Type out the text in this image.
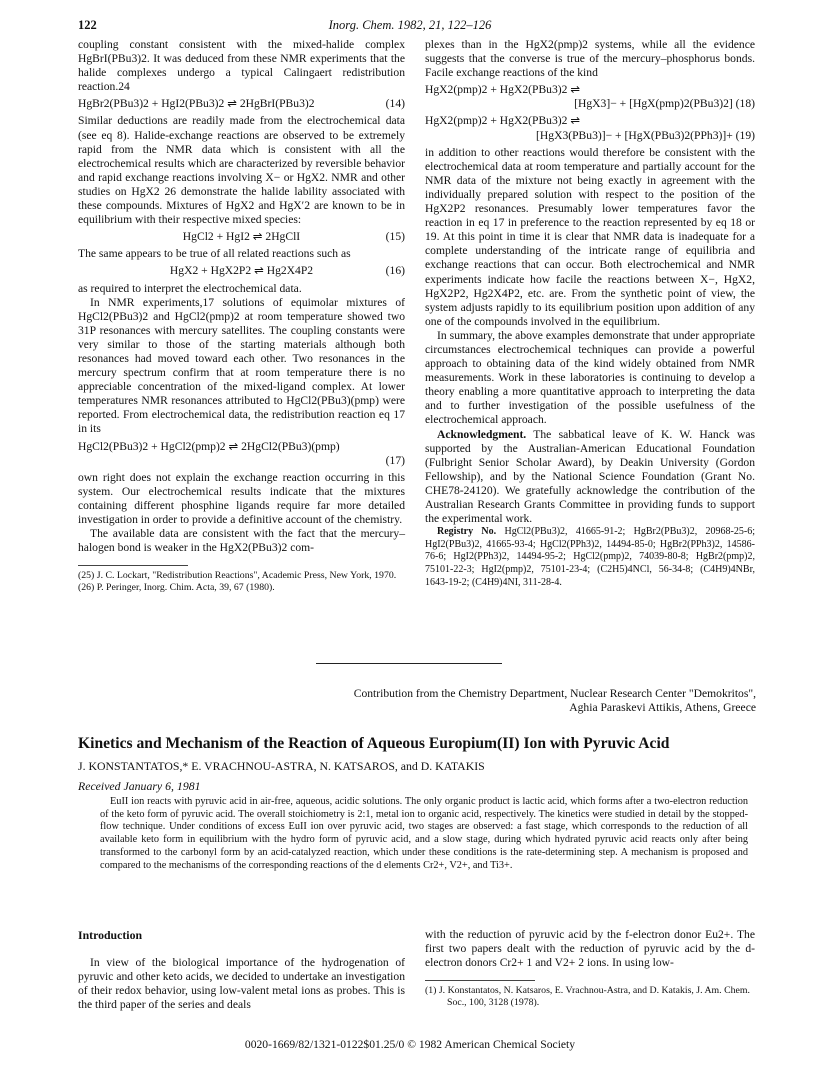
122	Inorg. Chem. 1982, 21, 122–126

coupling constant consistent with the mixed-halide complex HgBrI(PBu3)2. It was deduced from these NMR experiments that the halide complexes undergo a typical Calingaert redistribution reaction.24

HgBr2(PBu3)2 + HgI2(PBu3)2 ⇌ 2HgBrI(PBu3)2	(14)

Similar deductions are readily made from the electrochemical data (see eq 8). Halide-exchange reactions are observed to be extremely rapid from the NMR data which is consistent with all the electrochemical results which are characterized by reversible behavior and rapid exchange reactions involving X− or HgX2. NMR and other studies on HgX2 26 demonstrate the halide lability associated with these compounds. Mixtures of HgX2 and HgX′2 are known to be in equilibrium with their respective mixed species:

HgCl2 + HgI2 ⇌ 2HgClI	(15)

The same appears to be true of all related reactions such as

HgX2 + HgX2P2 ⇌ Hg2X4P2	(16)

as required to interpret the electrochemical data.

In NMR experiments,17 solutions of equimolar mixtures of HgCl2(PBu3)2 and HgCl2(pmp)2 at room temperature showed two 31P resonances with mercury satellites. The coupling constants were very similar to those of the starting materials although both resonances had moved toward each other. Two resonances in the mercury spectrum confirm that at room temperature there is no appreciable concentration of the mixed-ligand complex. At lower temperatures NMR resonances attributed to HgCl2(PBu3)(pmp) were reported. From electrochemical data, the redistribution reaction eq 17 in its

HgCl2(PBu3)2 + HgCl2(pmp)2 ⇌ 2HgCl2(PBu3)(pmp)
(17)

own right does not explain the exchange reaction occurring in this system. Our electrochemical results indicate that the mixtures containing different phosphine ligands require far more detailed investigation in order to provide a definitive account of the chemistry.

The available data are consistent with the fact that the mercury–halogen bond is weaker in the HgX2(PBu3)2 com-

(25) J. C. Lockart, "Redistribution Reactions", Academic Press, New York, 1970.

(26) P. Peringer, Inorg. Chim. Acta, 39, 67 (1980).

plexes than in the HgX2(pmp)2 systems, while all the evidence suggests that the converse is true of the mercury–phosphorus bonds. Facile exchange reactions of the kind

HgX2(pmp)2 + HgX2(PBu3)2 ⇌
[HgX3]− + [HgX(pmp)2(PBu3)2] (18)
HgX2(pmp)2 + HgX2(PBu3)2 ⇌
[HgX3(PBu3)]− + [HgX(PBu3)2(PPh3)]+ (19)

in addition to other reactions would therefore be consistent with the electrochemical data at room temperature and partially account for the NMR data of the mixture not being exactly in agreement with the individually prepared solution with respect to the position of the HgX2P2 resonances. Presumably lower temperatures favor the reaction in eq 17 in preference to the reaction represented by eq 18 or 19. At this point in time it is clear that NMR data is inadequate for a complete understanding of the intricate range of equilibria and exchange reactions that can occur. Both electrochemical and NMR experiments indicate how facile the reactions between X−, HgX2, HgX2P2, Hg2X4P2, etc. are. From the synthetic point of view, the system adjusts rapidly to its equilibrium position upon addition of any one of the compounds involved in the equilibrium.

In summary, the above examples demonstrate that under appropriate circumstances electrochemical techniques can provide a powerful approach to obtaining data of the kind widely obtained from NMR measurements. Work in these laboratories is continuing to develop a theory enabling a more quantitative approach to interpreting the data and to further investigation of the possible usefulness of the electrochemical approach.

Acknowledgment. The sabbatical leave of K. W. Hanck was supported by the Australian-American Educational Foundation (Fulbright Senior Scholar Award), by Deakin University (Gordon Fellowship), and by the National Science Foundation (Grant No. CHE78-24120). We gratefully acknowledge the contribution of the Australian Research Grants Committee in providing funds to support the experimental work.

Registry No. HgCl2(PBu3)2, 41665-91-2; HgBr2(PBu3)2, 20968-25-6; HgI2(PBu3)2, 41665-93-4; HgCl2(PPh3)2, 14494-85-0; HgBr2(PPh3)2, 14586-76-6; HgI2(PPh3)2, 14494-95-2; HgCl2(pmp)2, 74039-80-8; HgBr2(pmp)2, 75101-22-3; HgI2(pmp)2, 75101-23-4; (C2H5)4NCl, 56-34-8; (C4H9)4NBr, 1643-19-2; (C4H9)4NI, 311-28-4.

Contribution from the Chemistry Department, Nuclear Research Center "Demokritos",
Aghia Paraskevi Attikis, Athens, Greece
Kinetics and Mechanism of the Reaction of Aqueous Europium(II) Ion with Pyruvic Acid
J. KONSTANTATOS,* E. VRACHNOU-ASTRA, N. KATSAROS, and D. KATAKIS
Received January 6, 1981
EuII ion reacts with pyruvic acid in air-free, aqueous, acidic solutions. The only organic product is lactic acid, which forms after a two-electron reduction of the keto form of pyruvic acid. The overall stoichiometry is 2:1, metal ion to organic acid, respectively. The kinetics were studied in detail by the stopped-flow technique. Under conditions of excess EuII ion over pyruvic acid, two stages are observed: a fast stage, which corresponds to the reduction of all available keto form in equilibrium with the hydro form of pyruvic acid, and a slow stage, during which hydrated pyruvic acid reacts only after being transformed to the carbonyl form by an acid-catalyzed reaction, which under these conditions is the rate-determining step. A mechanism is proposed and compared to the mechanisms of the corresponding reactions of the d elements Cr2+, V2+, and Ti3+.

Introduction

In view of the biological importance of the hydrogenation of pyruvic and other keto acids, we decided to undertake an investigation of their redox behavior, using low-valent metal ions as probes. This is the third paper of the series and deals

with the reduction of pyruvic acid by the f-electron donor Eu2+. The first two papers dealt with the reduction of pyruvic acid by the d-electron donors Cr2+ 1 and V2+ 2 ions. In using low-

(1) J. Konstantatos, N. Katsaros, E. Vrachnou-Astra, and D. Katakis, J. Am. Chem. Soc., 100, 3128 (1978).

0020-1669/82/1321-0122$01.25/0 © 1982 American Chemical Society
